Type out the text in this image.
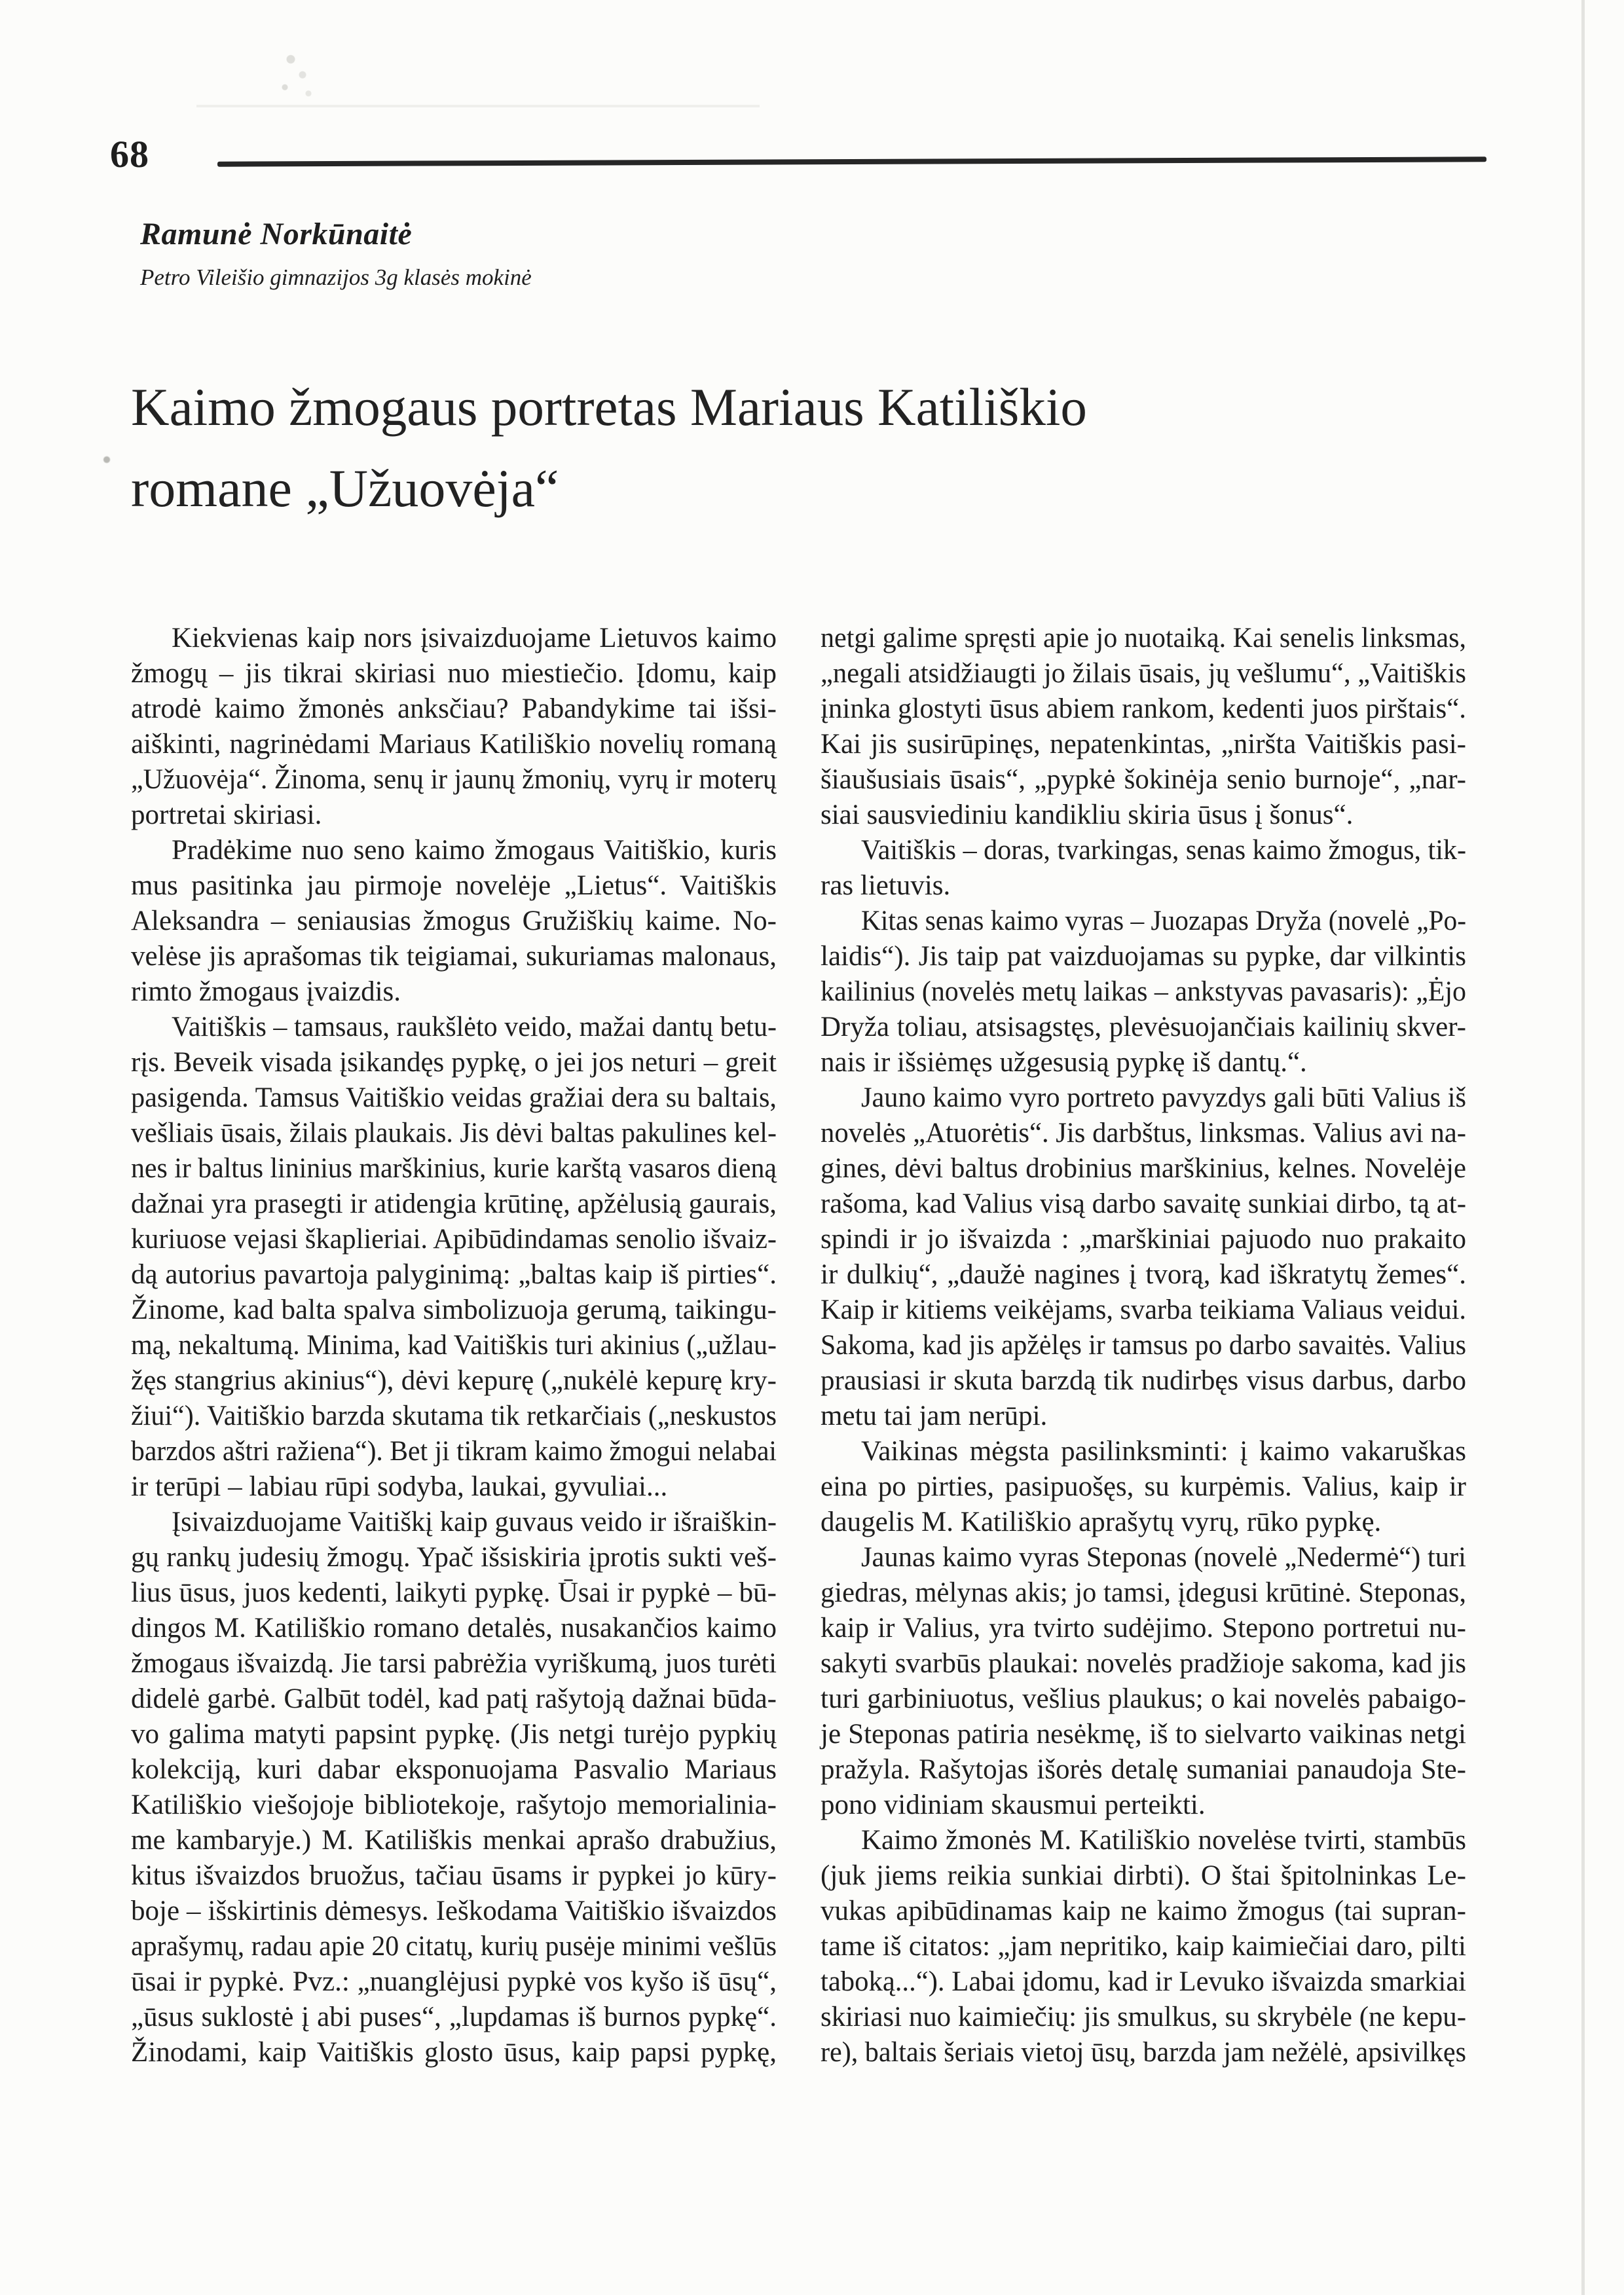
68
Ramunė Norkūnaitė
Petro Vileišio gimnazijos 3g klasės mokinė
Kaimo žmogaus portretas Mariaus Katiliškio
romane „Užuovėja“
Kiekvienas kaip nors įsivaizduojame Lietuvos kaimo
žmogų – jis tikrai skiriasi nuo miestiečio. Įdomu, kaip
atrodė kaimo žmonės anksčiau? Pabandykime tai išsi-
aiškinti, nagrinėdami Mariaus Katiliškio novelių romaną
„Užuovėja“. Žinoma, senų ir jaunų žmonių, vyrų ir moterų
portretai skiriasi.
Pradėkime nuo seno kaimo žmogaus Vaitiškio, kuris
mus pasitinka jau pirmoje novelėje „Lietus“. Vaitiškis
Aleksandra – seniausias žmogus Gružiškių kaime. No-
velėse jis aprašomas tik teigiamai, sukuriamas malonaus,
rimto žmogaus įvaizdis.
Vaitiškis – tamsaus, raukšlėto veido, mažai dantų betu-
rįs. Beveik visada įsikandęs pypkę, o jei jos neturi – greit
pasigenda. Tamsus Vaitiškio veidas gražiai dera su baltais,
vešliais ūsais, žilais plaukais. Jis dėvi baltas pakulines kel-
nes ir baltus lininius marškinius, kurie karštą vasaros dieną
dažnai yra prasegti ir atidengia krūtinę, apžėlusią gaurais,
kuriuose vejasi škaplieriai. Apibūdindamas senolio išvaiz-
dą autorius pavartoja palyginimą: „baltas kaip iš pirties“.
Žinome, kad balta spalva simbolizuoja gerumą, taikingu-
mą, nekaltumą. Minima, kad Vaitiškis turi akinius („užlau-
žęs stangrius akinius“), dėvi kepurę („nukėlė kepurę kry-
žiui“). Vaitiškio barzda skutama tik retkarčiais („neskustos
barzdos aštri ražiena“). Bet ji tikram kaimo žmogui nelabai
ir terūpi – labiau rūpi sodyba, laukai, gyvuliai...
Įsivaizduojame Vaitiškį kaip guvaus veido ir išraiškin-
gų rankų judesių žmogų. Ypač išsiskiria įprotis sukti veš-
lius ūsus, juos kedenti, laikyti pypkę. Ūsai ir pypkė – bū-
dingos M. Katiliškio romano detalės, nusakančios kaimo
žmogaus išvaizdą. Jie tarsi pabrėžia vyriškumą, juos turėti
didelė garbė. Galbūt todėl, kad patį rašytoją dažnai būda-
vo galima matyti papsint pypkę. (Jis netgi turėjo pypkių
kolekciją, kuri dabar eksponuojama Pasvalio Mariaus
Katiliškio viešojoje bibliotekoje, rašytojo memorialinia-
me kambaryje.) M. Katiliškis menkai aprašo drabužius,
kitus išvaizdos bruožus, tačiau ūsams ir pypkei jo kūry-
boje – išskirtinis dėmesys. Ieškodama Vaitiškio išvaizdos
aprašymų, radau apie 20 citatų, kurių pusėje minimi vešlūs
ūsai ir pypkė. Pvz.: „nuanglėjusi pypkė vos kyšo iš ūsų“,
„ūsus suklostė į abi puses“, „lupdamas iš burnos pypkę“.
Žinodami, kaip Vaitiškis glosto ūsus, kaip papsi pypkę,
netgi galime spręsti apie jo nuotaiką. Kai senelis linksmas,
„negali atsidžiaugti jo žilais ūsais, jų vešlumu“, „Vaitiškis
įninka glostyti ūsus abiem rankom, kedenti juos pirštais“.
Kai jis susirūpinęs, nepatenkintas, „niršta Vaitiškis pasi-
šiaušusiais ūsais“, „pypkė šokinėja senio burnoje“, „nar-
siai sausviediniu kandikliu skiria ūsus į šonus“.
Vaitiškis – doras, tvarkingas, senas kaimo žmogus, tik-
ras lietuvis.
Kitas senas kaimo vyras – Juozapas Dryža (novelė „Po-
laidis“). Jis taip pat vaizduojamas su pypke, dar vilkintis
kailinius (novelės metų laikas – ankstyvas pavasaris): „Ėjo
Dryža toliau, atsisagstęs, plevėsuojančiais kailinių skver-
nais ir išsiėmęs užgesusią pypkę iš dantų.“.
Jauno kaimo vyro portreto pavyzdys gali būti Valius iš
novelės „Atuorėtis“. Jis darbštus, linksmas. Valius avi na-
gines, dėvi baltus drobinius marškinius, kelnes. Novelėje
rašoma, kad Valius visą darbo savaitę sunkiai dirbo, tą at-
spindi ir jo išvaizda : „marškiniai pajuodo nuo prakaito
ir dulkių“, „daužė nagines į tvorą, kad iškratytų žemes“.
Kaip ir kitiems veikėjams, svarba teikiama Valiaus veidui.
Sakoma, kad jis apžėlęs ir tamsus po darbo savaitės. Valius
prausiasi ir skuta barzdą tik nudirbęs visus darbus, darbo
metu tai jam nerūpi.
Vaikinas mėgsta pasilinksminti: į kaimo vakaruškas
eina po pirties, pasipuošęs, su kurpėmis. Valius, kaip ir
daugelis M. Katiliškio aprašytų vyrų, rūko pypkę.
Jaunas kaimo vyras Steponas (novelė „Nedermė“) turi
giedras, mėlynas akis; jo tamsi, įdegusi krūtinė. Steponas,
kaip ir Valius, yra tvirto sudėjimo. Stepono portretui nu-
sakyti svarbūs plaukai: novelės pradžioje sakoma, kad jis
turi garbiniuotus, vešlius plaukus; o kai novelės pabaigo-
je Steponas patiria nesėkmę, iš to sielvarto vaikinas netgi
pražyla. Rašytojas išorės detalę sumaniai panaudoja Ste-
pono vidiniam skausmui perteikti.
Kaimo žmonės M. Katiliškio novelėse tvirti, stambūs
(juk jiems reikia sunkiai dirbti). O štai špitolninkas Le-
vukas apibūdinamas kaip ne kaimo žmogus (tai supran-
tame iš citatos: „jam nepritiko, kaip kaimiečiai daro, pilti
taboką...“). Labai įdomu, kad ir Levuko išvaizda smarkiai
skiriasi nuo kaimiečių: jis smulkus, su skrybėle (ne kepu-
re), baltais šeriais vietoj ūsų, barzda jam nežėlė, apsivilkęs
